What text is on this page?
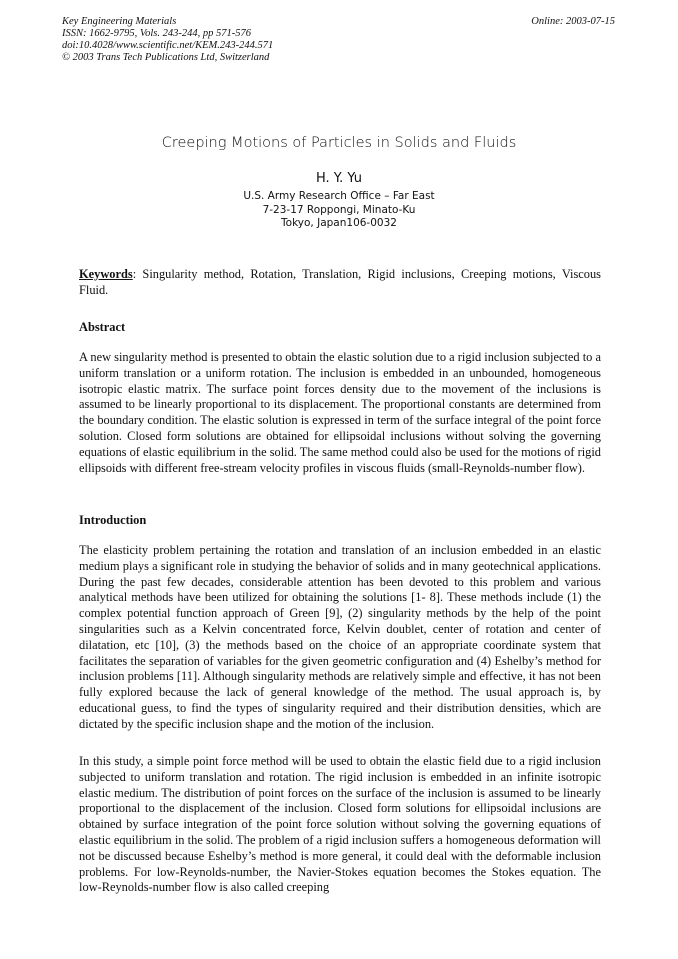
Key Engineering Materials
ISSN: 1662-9795, Vols. 243-244, pp 571-576
doi:10.4028/www.scientific.net/KEM.243-244.571
© 2003 Trans Tech Publications Ltd, Switzerland
Online: 2003-07-15
Creeping Motions of Particles in Solids and Fluids
H. Y. Yu
U.S. Army Research Office – Far East
7-23-17 Roppongi, Minato-Ku
Tokyo, Japan106-0032
Keywords: Singularity method, Rotation, Translation, Rigid inclusions, Creeping motions, Viscous Fluid.
Abstract
A new singularity method is presented to obtain the elastic solution due to a rigid inclusion subjected to a uniform translation or a uniform rotation. The inclusion is embedded in an unbounded, homogeneous isotropic elastic matrix. The surface point forces density due to the movement of the inclusions is assumed to be linearly proportional to its displacement. The proportional constants are determined from the boundary condition. The elastic solution is expressed in term of the surface integral of the point force solution. Closed form solutions are obtained for ellipsoidal inclusions without solving the governing equations of elastic equilibrium in the solid. The same method could also be used for the motions of rigid ellipsoids with different free-stream velocity profiles in viscous fluids (small-Reynolds-number flow).
Introduction
The elasticity problem pertaining the rotation and translation of an inclusion embedded in an elastic medium plays a significant role in studying the behavior of solids and in many geotechnical applications. During the past few decades, considerable attention has been devoted to this problem and various analytical methods have been utilized for obtaining the solutions [1- 8]. These methods include (1) the complex potential function approach of Green [9], (2) singularity methods by the help of the point singularities such as a Kelvin concentrated force, Kelvin doublet, center of rotation and center of dilatation, etc [10], (3) the methods based on the choice of an appropriate coordinate system that facilitates the separation of variables for the given geometric configuration and (4) Eshelby’s method for inclusion problems [11]. Although singularity methods are relatively simple and effective, it has not been fully explored because the lack of general knowledge of the method. The usual approach is, by educational guess, to find the types of singularity required and their distribution densities, which are dictated by the specific inclusion shape and the motion of the inclusion.
In this study, a simple point force method will be used to obtain the elastic field due to a rigid inclusion subjected to uniform translation and rotation. The rigid inclusion is embedded in an infinite isotropic elastic medium. The distribution of point forces on the surface of the inclusion is assumed to be linearly proportional to the displacement of the inclusion. Closed form solutions for ellipsoidal inclusions are obtained by surface integration of the point force solution without solving the governing equations of elastic equilibrium in the solid. The problem of a rigid inclusion suffers a homogeneous deformation will not be discussed because Eshelby’s method is more general, it could deal with the deformable inclusion problems. For low-Reynolds-number, the Navier-Stokes equation becomes the Stokes equation. The low-Reynolds-number flow is also called creeping
